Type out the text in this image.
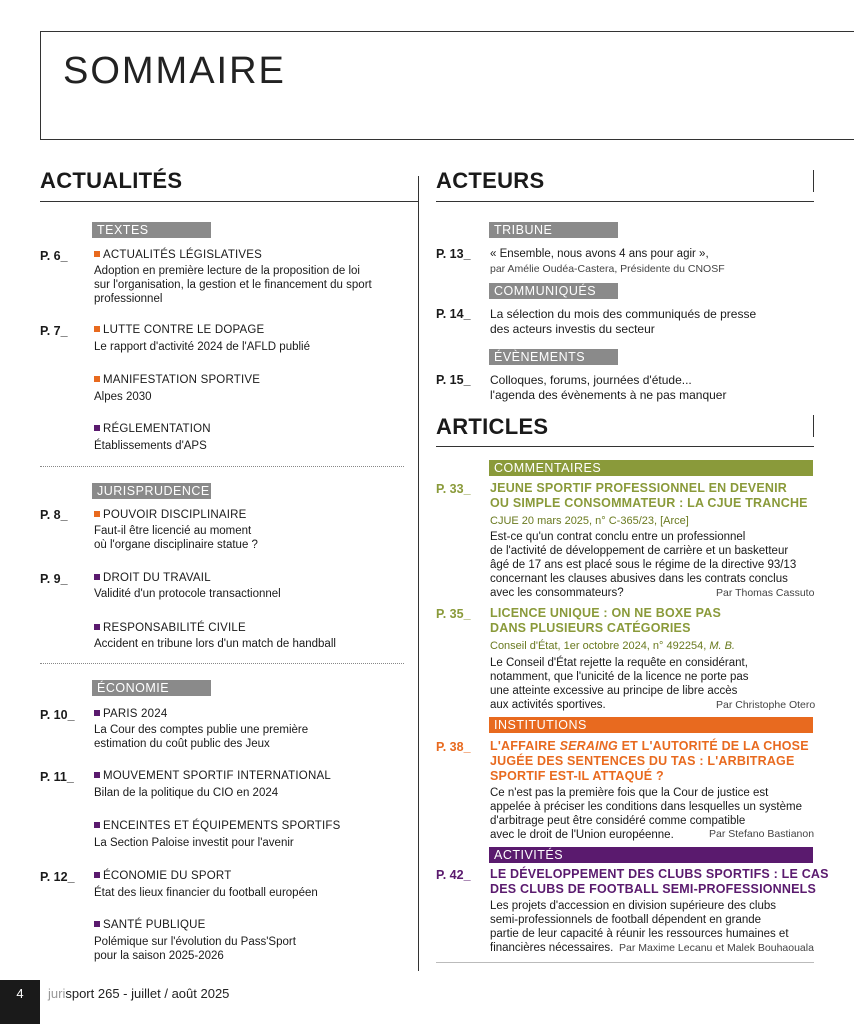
SOMMAIRE
ACTUALITÉS
TEXTES
P. 6_	ACTUALITÉS LÉGISLATIVES
Adoption en première lecture de la proposition de loi
sur l'organisation, la gestion et le financement du sport
professionnel
P. 7_	LUTTE CONTRE LE DOPAGE
Le rapport d'activité 2024 de l'AFLD publié
MANIFESTATION SPORTIVE
Alpes 2030
RÉGLEMENTATION
Établissements d'APS
JURISPRUDENCE
P. 8_	POUVOIR DISCIPLINAIRE
Faut-il être licencié au moment
où l'organe disciplinaire statue ?
P. 9_	DROIT DU TRAVAIL
Validité d'un protocole transactionnel
RESPONSABILITÉ CIVILE
Accident en tribune lors d'un match de handball
ÉCONOMIE
P. 10_	PARIS 2024
La Cour des comptes publie une première
estimation du coût public des Jeux
P. 11_	MOUVEMENT SPORTIF INTERNATIONAL
Bilan de la politique du CIO en 2024
ENCEINTES ET ÉQUIPEMENTS SPORTIFS
La Section Paloise investit pour l'avenir
P. 12_	ÉCONOMIE DU SPORT
État des lieux financier du football européen
SANTÉ PUBLIQUE
Polémique sur l'évolution du Pass'Sport
pour la saison 2025-2026
ACTEURS
TRIBUNE
P. 13_ « Ensemble, nous avons 4 ans pour agir »,
par Amélie Oudéa-Castera, Présidente du CNOSF
COMMUNIQUÉS
P. 14_ La sélection du mois des communiqués de presse
des acteurs investis du secteur
ÉVÈNEMENTS
P. 15_ Colloques, forums, journées d'étude...
l'agenda des évènements à ne pas manquer
ARTICLES
COMMENTAIRES
P. 33_ JEUNE SPORTIF PROFESSIONNEL EN DEVENIR
OU SIMPLE CONSOMMATEUR : LA CJUE TRANCHE
CJUE 20 mars 2025, n° C-365/23, [Arce]
Est-ce qu'un contrat conclu entre un professionnel
de l'activité de développement de carrière et un basketteur
âgé de 17 ans est placé sous le régime de la directive 93/13
concernant les clauses abusives dans les contrats conclus
avec les consommateurs?	Par Thomas Cassuto
P. 35_ LICENCE UNIQUE : ON NE BOXE PAS
DANS PLUSIEURS CATÉGORIES
Conseil d'État, 1er octobre 2024, n° 492254, M. B.
Le Conseil d'État rejette la requête en considérant,
notamment, que l'unicité de la licence ne porte pas
une atteinte excessive au principe de libre accès
aux activités sportives.	Par Christophe Otero
INSTITUTIONS
P. 38_ L'AFFAIRE SERAING ET L'AUTORITÉ DE LA CHOSE
JUGÉE DES SENTENCES DU TAS : L'ARBITRAGE
SPORTIF EST-IL ATTAQUÉ ?
Ce n'est pas la première fois que la Cour de justice est
appelée à préciser les conditions dans lesquelles un système
d'arbitrage peut être considéré comme compatible
avec le droit de l'Union européenne.	Par Stefano Bastianon
ACTIVITÉS
P. 42_ LE DÉVELOPPEMENT DES CLUBS SPORTIFS : LE CAS
DES CLUBS DE FOOTBALL SEMI-PROFESSIONNELS
Les projets d'accession en division supérieure des clubs
semi-professionnels de football dépendent en grande
partie de leur capacité à réunir les ressources humaines et
financières nécessaires. Par Maxime Lecanu et Malek Bouhaouala
4	jurisport 265 - juillet / août 2025
